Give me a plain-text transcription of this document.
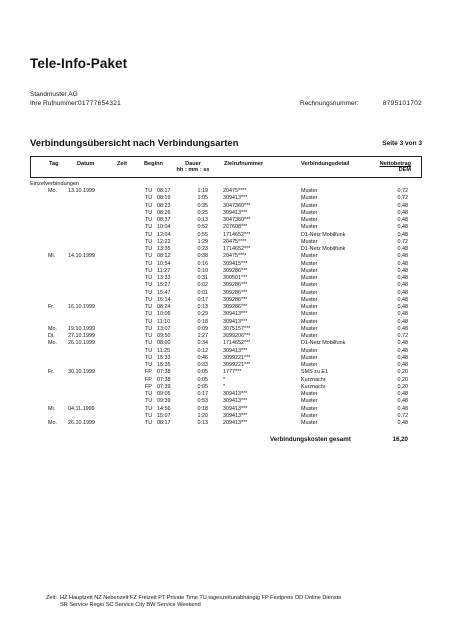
Tele-Info-Paket
Standmuster AG
Ihre Rufnummer: 01777654321	Rechnungsnummer:	8795101702
Verbindungsübersicht nach Verbindungsarten	Seite 3 von 3
Tag	Datum	Zeit	Beginn	Dauer
hh : mm : ss
Zielrufnummer	Verbindungsdetail	Nettobetrag
DEM
Einzelverbindungen
Mo. 13.10.1999	TU 08:17	1:19	20475****	Muster	0,72
TU 08:19	1:05	309413***	Muster	0,72
TU 08:23	0:35	3047360***	Muster	0,48
TU 08:26	0:25	309413***	Muster	0,48
TU 08:37	0:13	3047360***	Muster	0,48
TU 10:04	0:52	207608***	Muster	0,48
TU 12:04	0:55	1714652***	D1-Netz Mobilfunk	0,48
TU 12:22	1:29	20475****	Muster	0,72
TU 13:35	0:23	1714652***	D1-Netz Mobilfunk	0,48
Mi. 14.10.1999	TU 08:12	0:38	20475****	Muster	0,48
TU 10:54	0:16	309415***	Muster	0,48
TU 11:27	0:10	309286***	Muster	0,48
TU 13:33	0:31	300501***	Muster	0,48
TU 15:27	0:02	309286***	Muster	0,48
TU 15:47	0:01	309286***	Muster	0,48
TU 16:14	0:17	309286***	Muster	0,48
Fr.	16.10.1999	TU 08:24	0:13	309286***	Muster	0,48
TU 10:06	0:29	309413***	Muster	0,48
TU 11:10	0:18	309413***	Muster	0,48
Mo. 19.10.1999	TU 13:07	0:09	3075157***	Muster	0,48
Di. 27.10.1999	TU 09:50	1:27	3099206***	Muster	0,72
Mo. 26.10.1999	TU 08:00	0:34	1714652***	D1-Netz Mobilfunk	0,48
TU 11:25	0:12	309413***	Muster	0,48
TU 15:33	0:46	3099221***	Muster	0,48
TU 15:35	0:33	3099221***	Muster	0,48
Fr.	30.10.1999	FP 07:38	0:05	1777***	SMS zu E1	0,20
FP 07:38	0:05	*	Kurznachr.	0,20
FP 07:39	0:05	*	Kurznachr.	0,20
TU 09:05	0:17	309413***	Muster	0,48
TU 09:39	0:53	309413***	Muster	0,48
Mi. 04.11.1999	TU 14:56	0:18	309413***	Muster	0,48
TU 15:07	1:20	309413***	Muster	0,72
Mo. 26.10.1999	TU 08:17	0:13	209413***	Muster	0,48
Verbindungskosten gesamt	16,20
Zeit: HZ Hauptzeit NZ Nebenzeit FZ Freizeit PT Private Time TU tageszeitunabhängig FP Festpreis OD Online Dienste
SR Service Regio SC Service City BW Service Weekend
